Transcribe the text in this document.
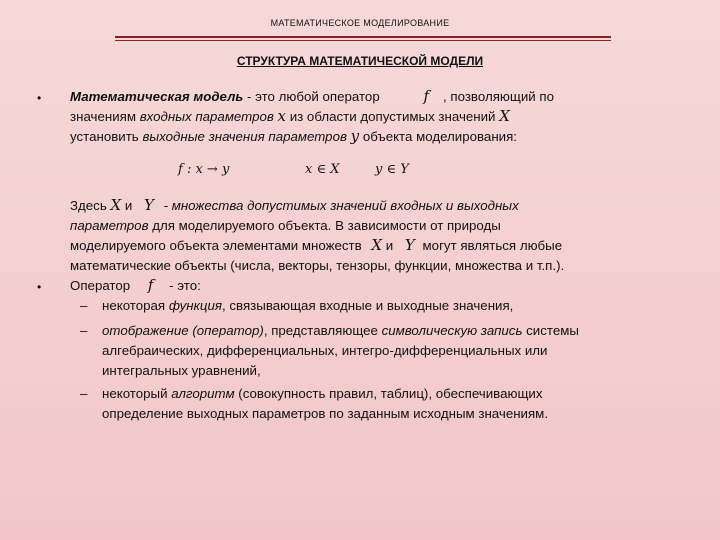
МАТЕМАТИЧЕСКОЕ МОДЕЛИРОВАНИЕ
СТРУКТУРА МАТЕМАТИЧЕСКОЙ МОДЕЛИ
• Математическая модель - это любой оператор	f , позволяющий по
значениям входных параметров x из области допустимых значений X
установить выходные значения параметров y объекта моделирования:
f : x → y	x ∈ X	y ∈ Y
Здесь X и Y - множества допустимых значений входных и выходных
параметров для моделируемого объекта. В зависимости от природы
моделируемого объекта элементами множеств X и Y могут являться любые
математические объекты (числа, векторы, тензоры, функции, множества и т.п.).
• Оператор f - это:
– некоторая функция, связывающая входные и выходные значения,
– отображение (оператор), представляющее символическую запись системы
алгебраических, дифференциальных, интегро-дифференциальных или
интегральных уравнений,
– некоторый алгоритм (совокупность правил, таблиц), обеспечивающих
определение выходных параметров по заданным исходным значениям.
